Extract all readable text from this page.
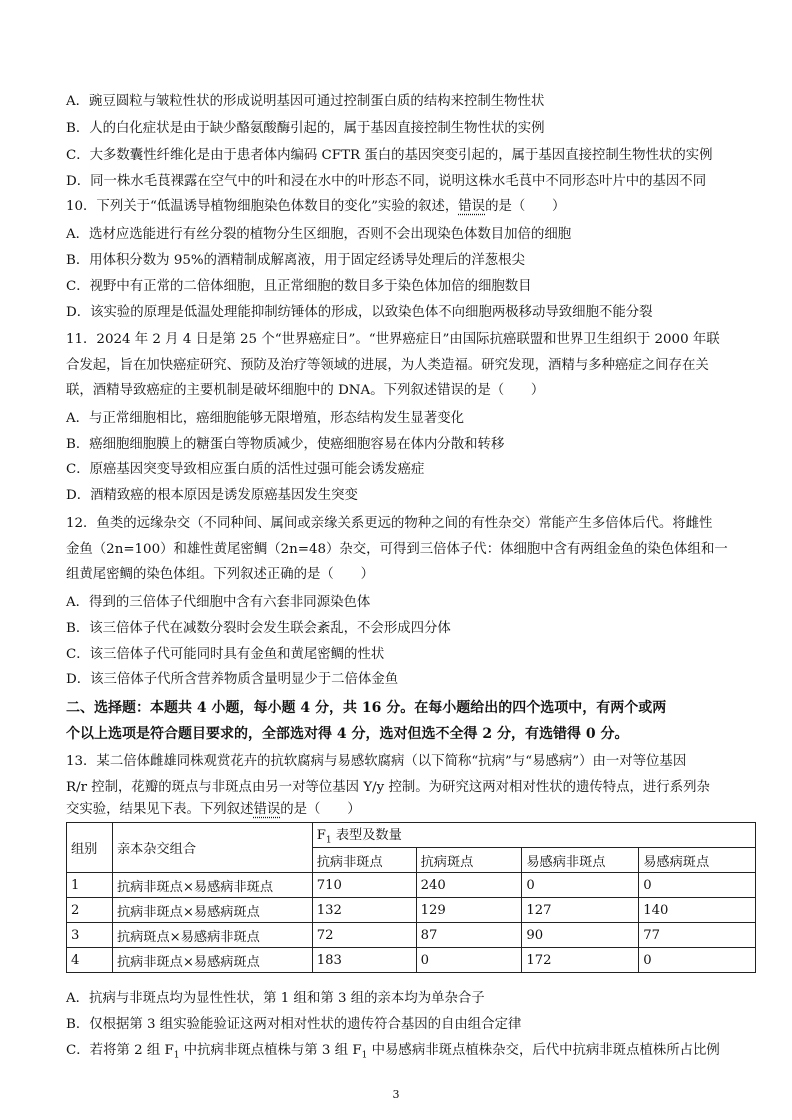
A．豌豆圆粒与皱粒性状的形成说明基因可通过控制蛋白质的结构来控制生物性状
B．人的白化症状是由于缺少酪氨酸酶引起的，属于基因直接控制生物性状的实例
C．大多数囊性纤维化是由于患者体内编码 CFTR 蛋白的基因突变引起的，属于基因直接控制生物性状的实例
D．同一株水毛茛裸露在空气中的叶和浸在水中的叶形态不同，说明这株水毛茛中不同形态叶片中的基因不同
10．下列关于“低温诱导植物细胞染色体数目的变化”实验的叙述，错误的是（　　）
A．选材应选能进行有丝分裂的植物分生区细胞，否则不会出现染色体数目加倍的细胞
B．用体积分数为 95%的酒精制成解离液，用于固定经诱导处理后的洋葱根尖
C．视野中有正常的二倍体细胞，且正常细胞的数目多于染色体加倍的细胞数目
D．该实验的原理是低温处理能抑制纺锤体的形成，以致染色体不向细胞两极移动导致细胞不能分裂
11．2024 年 2 月 4 日是第 25 个“世界癌症日”。“世界癌症日”由国际抗癌联盟和世界卫生组织于 2000 年联
合发起，旨在加快癌症研究、预防及治疗等领域的进展，为人类造福。研究发现，酒精与多种癌症之间存在关
联，酒精导致癌症的主要机制是破坏细胞中的 DNA。下列叙述错误的是（　　）
A．与正常细胞相比，癌细胞能够无限增殖，形态结构发生显著变化
B．癌细胞细胞膜上的糖蛋白等物质减少，使癌细胞容易在体内分散和转移
C．原癌基因突变导致相应蛋白质的活性过强可能会诱发癌症
D．酒精致癌的根本原因是诱发原癌基因发生突变
12．鱼类的远缘杂交（不同种间、属间或亲缘关系更远的物种之间的有性杂交）常能产生多倍体后代。将雌性
金鱼（2n=100）和雄性黄尾密鲷（2n=48）杂交，可得到三倍体子代：体细胞中含有两组金鱼的染色体组和一
组黄尾密鲷的染色体组。下列叙述正确的是（　　）
A．得到的三倍体子代细胞中含有六套非同源染色体
B．该三倍体子代在减数分裂时会发生联会紊乱，不会形成四分体
C．该三倍体子代可能同时具有金鱼和黄尾密鲷的性状
D．该三倍体子代所含营养物质含量明显少于二倍体金鱼
二、选择题：本题共 4 小题，每小题 4 分，共 16 分。在每小题给出的四个选项中，有两个或两
个以上选项是符合题目要求的，全部选对得 4 分，选对但选不全得 2 分，有选错得 0 分。
13．某二倍体雌雄同株观赏花卉的抗软腐病与易感软腐病（以下简称“抗病”与“易感病”）由一对等位基因
R/r 控制，花瓣的斑点与非斑点由另一对等位基因 Y/y 控制。为研究这两对相对性状的遗传特点，进行系列杂
交实验，结果见下表。下列叙述错误的是（　　）
组别	亲本杂交组合	$F_1$ 表型及数量			
		抗病非斑点	抗病斑点	易感病非斑点	易感病斑点
1	抗病非斑点×易感病非斑点	710	240	0	0
2	抗病非斑点×易感病斑点	132	129	127	140
3	抗病斑点×易感病非斑点	72	87	90	77
4	抗病非斑点×易感病斑点	183	0	172	0
A．抗病与非斑点均为显性性状，第 1 组和第 3 组的亲本均为单杂合子
B．仅根据第 3 组实验能验证这两对相对性状的遗传符合基因的自由组合定律
C．若将第 2 组 $F_1$ 中抗病非斑点植株与第 3 组 $F_1$ 中易感病非斑点植株杂交，后代中抗病非斑点植株所占比例
3
